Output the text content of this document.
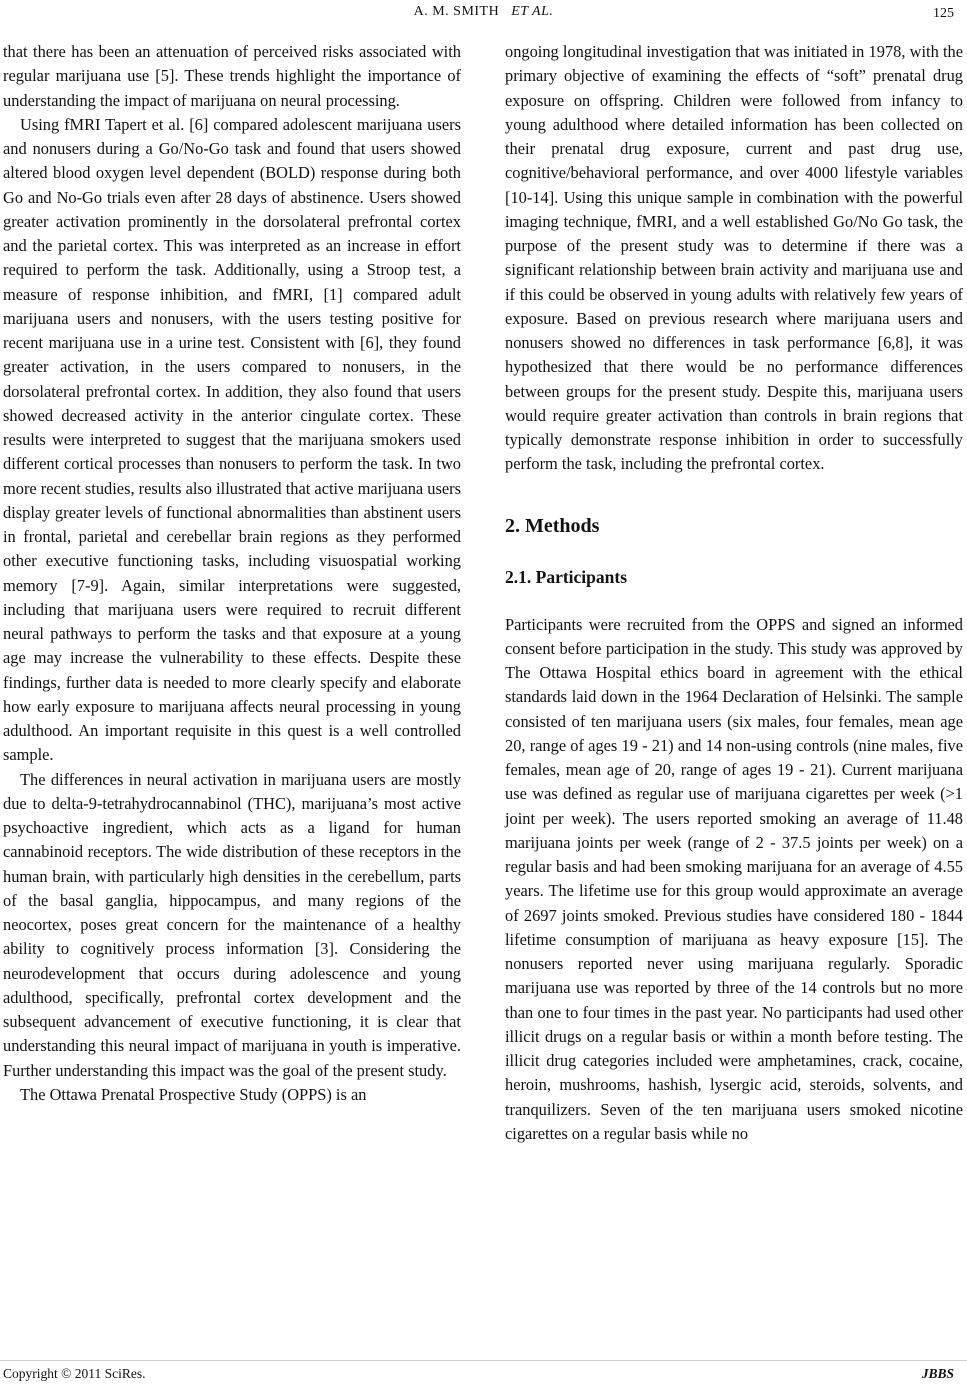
A. M. SMITH ET AL.	125

that there has been an attenuation of perceived risks associated with regular marijuana use [5]. These trends highlight the importance of understanding the impact of marijuana on neural processing.

Using fMRI Tapert et al. [6] compared adolescent marijuana users and nonusers during a Go/No-Go task and found that users showed altered blood oxygen level dependent (BOLD) response during both Go and No-Go trials even after 28 days of abstinence. Users showed greater activation prominently in the dorsolateral prefrontal cortex and the parietal cortex. This was interpreted as an increase in effort required to perform the task. Additionally, using a Stroop test, a measure of response inhibition, and fMRI, [1] compared adult marijuana users and nonusers, with the users testing positive for recent marijuana use in a urine test. Consistent with [6], they found greater activation, in the users compared to nonusers, in the dorsolateral prefrontal cortex. In addition, they also found that users showed decreased activity in the anterior cingulate cortex. These results were interpreted to suggest that the marijuana smokers used different cortical processes than nonusers to perform the task. In two more recent studies, results also illustrated that active marijuana users display greater levels of functional abnormalities than abstinent users in frontal, parietal and cerebellar brain regions as they performed other executive functioning tasks, including visuospatial working memory [7-9]. Again, similar interpretations were suggested, including that marijuana users were required to recruit different neural pathways to perform the tasks and that exposure at a young age may increase the vulnerability to these effects. Despite these findings, further data is needed to more clearly specify and elaborate how early exposure to marijuana affects neural processing in young adulthood. An important requisite in this quest is a well controlled sample.

The differences in neural activation in marijuana users are mostly due to delta-9-tetrahydrocannabinol (THC), marijuana’s most active psychoactive ingredient, which acts as a ligand for human cannabinoid receptors. The wide distribution of these receptors in the human brain, with particularly high densities in the cerebellum, parts of the basal ganglia, hippocampus, and many regions of the neocortex, poses great concern for the maintenance of a healthy ability to cognitively process information [3]. Considering the neurodevelopment that occurs during adolescence and young adulthood, specifically, prefrontal cortex development and the subsequent advancement of executive functioning, it is clear that understanding this neural impact of marijuana in youth is imperative. Further understanding this impact was the goal of the present study.

The Ottawa Prenatal Prospective Study (OPPS) is an

ongoing longitudinal investigation that was initiated in 1978, with the primary objective of examining the effects of “soft” prenatal drug exposure on offspring. Children were followed from infancy to young adulthood where detailed information has been collected on their prenatal drug exposure, current and past drug use, cognitive/behavioral performance, and over 4000 lifestyle variables [10-14]. Using this unique sample in combination with the powerful imaging technique, fMRI, and a well established Go/No Go task, the purpose of the present study was to determine if there was a significant relationship between brain activity and marijuana use and if this could be observed in young adults with relatively few years of exposure. Based on previous research where marijuana users and nonusers showed no differences in task performance [6,8], it was hypothesized that there would be no performance differences between groups for the present study. Despite this, marijuana users would require greater activation than controls in brain regions that typically demonstrate response inhibition in order to successfully perform the task, including the prefrontal cortex.

2. Methods
2.1. Participants

Participants were recruited from the OPPS and signed an informed consent before participation in the study. This study was approved by The Ottawa Hospital ethics board in agreement with the ethical standards laid down in the 1964 Declaration of Helsinki. The sample consisted of ten marijuana users (six males, four females, mean age 20, range of ages 19 - 21) and 14 non-using controls (nine males, five females, mean age of 20, range of ages 19 - 21). Current marijuana use was defined as regular use of marijuana cigarettes per week (>1 joint per week). The users reported smoking an average of 11.48 marijuana joints per week (range of 2 - 37.5 joints per week) on a regular basis and had been smoking marijuana for an average of 4.55 years. The lifetime use for this group would approximate an average of 2697 joints smoked. Previous studies have considered 180 - 1844 lifetime consumption of marijuana as heavy exposure [15]. The nonusers reported never using marijuana regularly. Sporadic marijuana use was reported by three of the 14 controls but no more than one to four times in the past year. No participants had used other illicit drugs on a regular basis or within a month before testing. The illicit drug categories included were amphetamines, crack, cocaine, heroin, mushrooms, hashish, lysergic acid, steroids, solvents, and tranquilizers. Seven of the ten marijuana users smoked nicotine cigarettes on a regular basis while no

Copyright © 2011 SciRes.	JBBS
